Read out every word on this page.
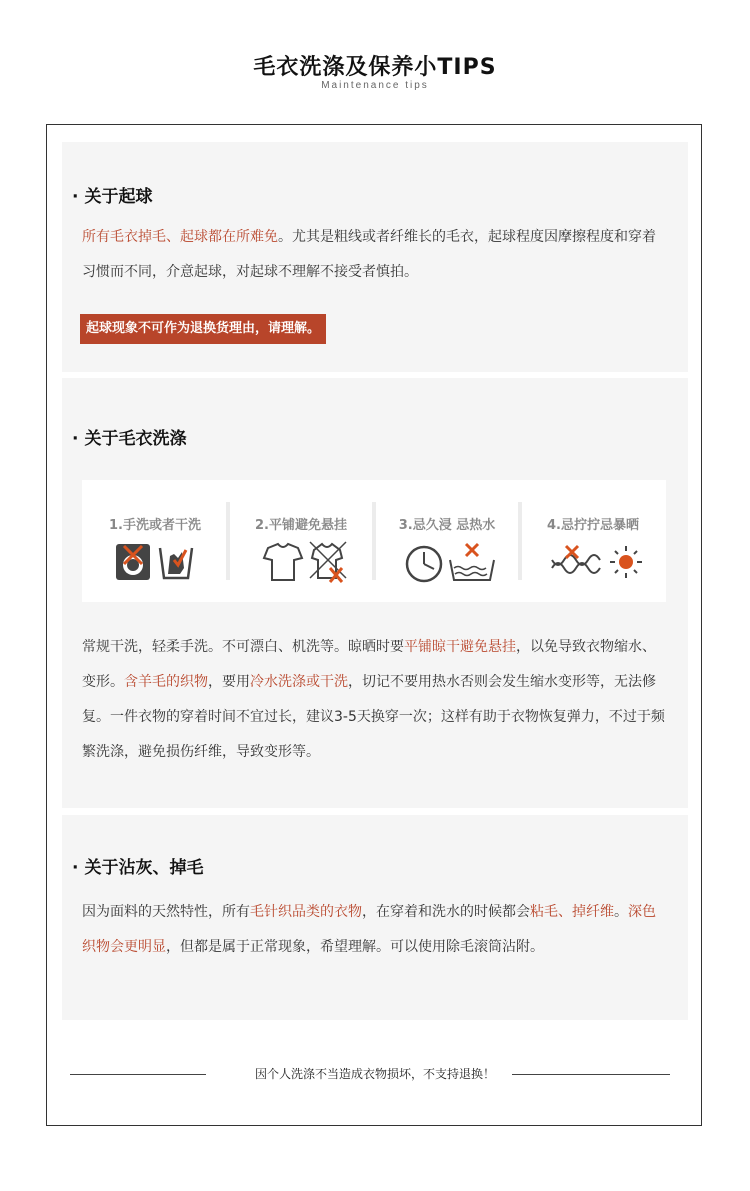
毛衣洗涤及保养小TIPS
Maintenance tips
· 关于起球
所有毛衣掉毛、起球都在所难免。尤其是粗线或者纤维长的毛衣，起球程度因摩擦程度和穿着习惯而不同，介意起球，对起球不理解不接受者慎拍。
起球现象不可作为退换货理由，请理解。
· 关于毛衣洗涤
1.手洗或者干洗	2.平铺避免悬挂	3.忌久浸 忌热水	4.忌拧拧忌暴晒
常规干洗，轻柔手洗。不可漂白、机洗等。晾晒时要平铺晾干避免悬挂，以免导致衣物缩水、变形。含羊毛的织物，要用冷水洗涤或干洗，切记不要用热水否则会发生缩水变形等，无法修复。一件衣物的穿着时间不宜过长，建议3-5天换穿一次；这样有助于衣物恢复弹力，不过于频繁洗涤，避免损伤纤维，导致变形等。
· 关于沾灰、掉毛
因为面料的天然特性，所有毛针织品类的衣物，在穿着和洗水的时候都会粘毛、掉纤维。深色织物会更明显，但都是属于正常现象，希望理解。可以使用除毛滚筒沾附。
因个人洗涤不当造成衣物损坏，不支持退换！
